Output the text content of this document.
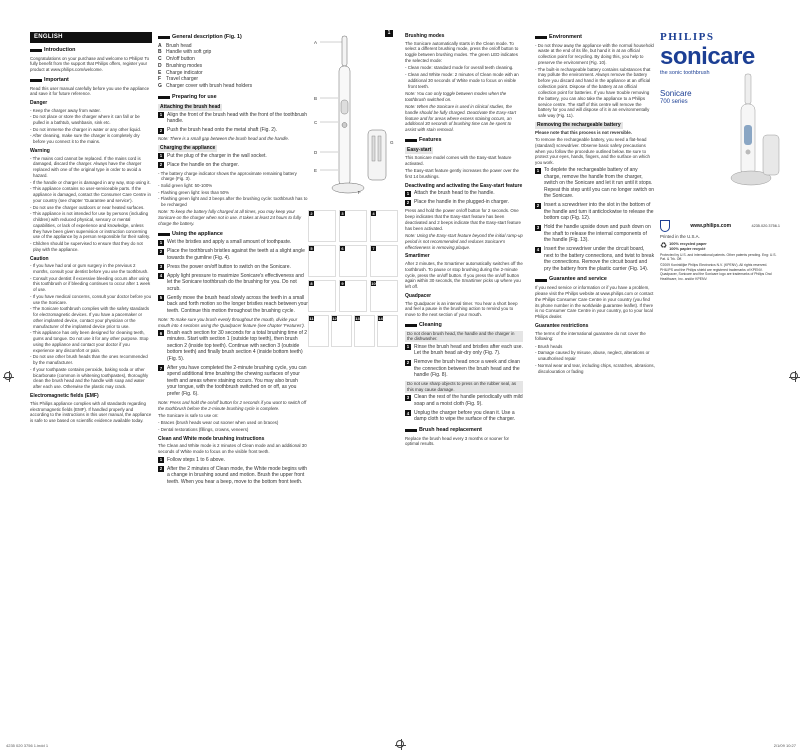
ENGLISH
Introduction

Congratulations on your purchase and welcome to Philips! To fully benefit from the support that Philips offers, register your product at www.philips.com/welcome.

Important

Read this user manual carefully before you use the appliance and save it for future reference.

Danger
- Keep the charger away from water.
- Do not place or store the charger where it can fall or be pulled in a bathtub, washbasin, sink etc.
- Do not immerse the charger in water or any other liquid.
- After cleaning, make sure the charger is completely dry before you connect it to the mains.
Warning
- The mains cord cannot be replaced. If the mains cord is damaged, discard the charger. Always have the charger replaced with one of the original type in order to avoid a hazard.
- If the handle or charger is damaged in any way, stop using it.
- This appliance contains no user-serviceable parts. If the appliance is damaged, contact the Consumer Care Centre in your country (see chapter 'Guarantee and service').
- Do not use the charger outdoors or near heated surfaces.
- This appliance is not intended for use by persons (including children) with reduced physical, sensory or mental capabilities, or lack of experience and knowledge, unless they have been given supervision or instruction concerning use of the appliance by a person responsible for their safety.
- Children should be supervised to ensure that they do not play with the appliance.
Caution
- If you have had oral or gum surgery in the previous 2 months, consult your dentist before you use the toothbrush.
- Consult your dentist if excessive bleeding occurs after using this toothbrush or if bleeding continues to occur after 1 week of use.
- If you have medical concerns, consult your doctor before you use the Sonicare.
- The Sonicare toothbrush complies with the safety standards for electromagnetic devices. If you have a pacemaker or other implanted device, contact your physician or the manufacturer of the implanted device prior to use.
- This appliance has only been designed for cleaning teeth, gums and tongue. Do not use it for any other purpose. Stop using the appliance and contact your doctor if you experience any discomfort or pain.
- Do not use other brush heads than the ones recommended by the manufacturer.
- If your toothpaste contains peroxide, baking soda or other bicarbonate (common in whitening toothpastes), thoroughly clean the brush head and the handle with soap and water after each use. Otherwise the plastic may crack.
Electromagnetic fields (EMF)

This Philips appliance complies with all standards regarding electromagnetic fields (EMF). If handled properly and according to the instructions in this user manual, the appliance is safe to use based on scientific evidence available today.

General description (Fig. 1)
A Brush head
B Handle with soft grip
C On/off button
D Brushing modes
E Charge indicator
F Travel charger
G Charger cover with brush head holders
Preparing for use
Attaching the brush head
1 Align the front of the brush head with the front of the toothbrush handle.
2 Push the brush head onto the metal shaft (Fig. 2).

Note: There is a small gap between the brush head and the handle.

Charging the appliance
1 Put the plug of the charger in the wall socket.
2 Place the handle on the charger.
- The battery charge indicator shows the approximate remaining battery charge (Fig. 3).
- Solid green light: 50-100%
- Flashing green light: less than 50%
- Flashing green light and 3 beeps after the brushing cycle: toothbrush has to be recharged

Note: To keep the battery fully charged at all times, you may keep your Sonicare on the charger when not in use. It takes at least 24 hours to fully charge the battery.

Using the appliance
1 Wet the bristles and apply a small amount of toothpaste.
2 Place the toothbrush bristles against the teeth at a slight angle towards the gumline (Fig. 4).
3 Press the power on/off button to switch on the Sonicare.
4 Apply light pressure to maximize Sonicare's effectiveness and let the Sonicare toothbrush do the brushing for you. Do not scrub.
5 Gently move the brush head slowly across the teeth in a small back and forth motion so the longer bristles reach between your teeth. Continue this motion throughout the brushing cycle.

Note: To make sure you brush evenly throughout the mouth, divide your mouth into 4 sections using the Quadpacer feature (see chapter 'Features').

6 Brush each section for 30 seconds for a total brushing time of 2 minutes. Start with section 1 (outside top teeth), then brush section 2 (inside top teeth). Continue with section 3 (outside bottom teeth) and finally brush section 4 (inside bottom teeth) (Fig. 5).
7 After you have completed the 2-minute brushing cycle, you can spend additional time brushing the chewing surfaces of your teeth and areas where staining occurs. You may also brush your tongue, with the toothbrush switched on or off, as you prefer (Fig. 6).

Note: Press and hold the on/off button for 2 seconds if you want to switch off the toothbrush before the 2-minute brushing cycle is complete.

The Sonicare is safe to use on:

- Braces (brush heads wear out sooner when used on braces)
- Dental restorations (fillings, crowns, veneers)
Clean and White mode brushing instructions

The Clean and White mode is 2 minutes of Clean mode and an additional 30 seconds of White mode to focus on the visible front teeth.

1 Follow steps 1 to 6 above.
2 After the 2 minutes of Clean mode, the White mode begins with a change in brushing sound and motion. Brush the upper front teeth. When you hear a beep, move to the bottom front teeth.
A
B
C
D
E
F
G
2	3	4
5	6	7
8	9	10
11	12	13	14
1	Brushing modes

The Sonicare automatically starts in the Clean mode. To select a different brushing mode, press the on/off button to toggle between brushing modes. The green LED indicates the selected mode:

- Clean mode: standard mode for overall teeth cleaning.
- Clean and White mode: 2 minutes of Clean mode with an additional 30 seconds of White mode to focus on visible front teeth.

Note: You can only toggle between modes when the toothbrush switched on.

Note: When the Sonicare is used in clinical studies, the handle should be fully charged. Deactivate the Easy-start feature and for areas where excess staining occurs, an additional 30 seconds of brushing time can be spent to assist with stain removal.

Features
Easy-start

This Sonicare model comes with the Easy-start feature activated.

The Easy-start feature gently increases the power over the first 14 brushings.

Deactivating and activating the Easy-start feature
1 Attach the brush head to the handle.
2 Place the handle in the plugged-in charger.

Press and hold the power on/off button for 2 seconds. One beep indicates that the Easy-start feature has been deactivated and 2 beeps indicate that the Easy-start feature has been activated.

Note: Using the Easy-start feature beyond the initial ramp-up period is not recommended and reduces Sonicare's effectiveness in removing plaque.

Smartimer

After 2 minutes, the Smartimer automatically switches off the toothbrush. To pause or stop brushing during the 2-minute cycle, press the on/off button. If you press the on/off button again within 30 seconds, the Smartimer picks up where you left off.

Quadpacer

The Quadpacer is an interval timer. You hear a short beep and feel a pause in the brushing action to remind you to move to the next section of your mouth.

Cleaning

Do not clean brush head, the handle and the charger in the dishwasher.

1 Rinse the brush head and bristles after each use. Let the brush head air-dry only (Fig. 7).
2 Remove the brush head once a week and clean the connection between the brush head and the handle (Fig. 8).

Do not use sharp objects to press on the rubber seal, as this may cause damage.

3 Clean the rest of the handle periodically with mild soap and a moist cloth (Fig. 9).
4 Unplug the charger before you clean it. Use a damp cloth to wipe the surface of the charger.
Brush head replacement

Replace the brush head every 3 months or sooner for optimal results.

Environment
- Do not throw away the appliance with the normal household waste at the end of its life, but hand it in at an official collection point for recycling. By doing this, you help to preserve the environment (Fig. 10).
- The built-in rechargeable battery contains substances that may pollute the environment. Always remove the battery before you discard and hand in the appliance at an official collection point. Dispose of the battery at an official collection point for batteries. If you have trouble removing the battery, you can also take the appliance to a Philips service centre. The staff of this centre will remove the battery for you and will dispose of it in an environmentally safe way (Fig. 11).
Removing the rechargeable battery

Please note that this process is not reversible.

To remove the rechargeable battery, you need a flat-head (standard) screwdriver. Observe basic safety precautions when you follow the procedure outlined below. Be sure to protect your eyes, hands, fingers, and the surface on which you work.

1 To deplete the rechargeable battery of any charge, remove the handle from the charger, switch on the Sonicare and let it run until it stops. Repeat this step until you can no longer switch on the Sonicare.
2 Insert a screwdriver into the slot in the bottom of the handle and turn it anticlockwise to release the bottom cap (Fig. 12).
3 Hold the handle upside down and push down on the shaft to release the internal components of the handle (Fig. 13).
4 Insert the screwdriver under the circuit board, next to the battery connections, and twist to break the connections. Remove the circuit board and pry the battery from the plastic carrier (Fig. 14).
Guarantee and service

If you need service or information or if you have a problem, please visit the Philips website at www.philips.com or contact the Philips Consumer Care Centre in your country (you find its phone number in the worldwide guarantee leaflet). If there is no Consumer Care Centre in your country, go to your local Philips dealer.

Guarantee restrictions

The terms of the international guarantee do not cover the following:

- Brush heads
- Damage caused by misuse, abuse, neglect, alterations or unauthorised repair
- Normal wear and tear, including chips, scratches, abrasions, discolouration or fading
PHILIPS
sonicare
the sonic toothbrush
Sonicare
700 series
www.philips.com	4235.020.3756.1

Printed in the U.S.A.

♻ 100% recycled paper
100% papier recyclé

Protected by U.S. and international patents. Other patents pending. Eng: U.S. Pat. & Trk. Off.

©2009 Koninklijke Philips Electronics N.V. (KPENV). All rights reserved. PHILIPS and the Philips shield are registered trademarks of KPENV. Quadpacer, Sonicare and the Sonicare logo are trademarks of Philips Oral Healthcare, Inc. and/or KPENV.

4235 020 3756 1.indd 1	2/1/09 10:27
